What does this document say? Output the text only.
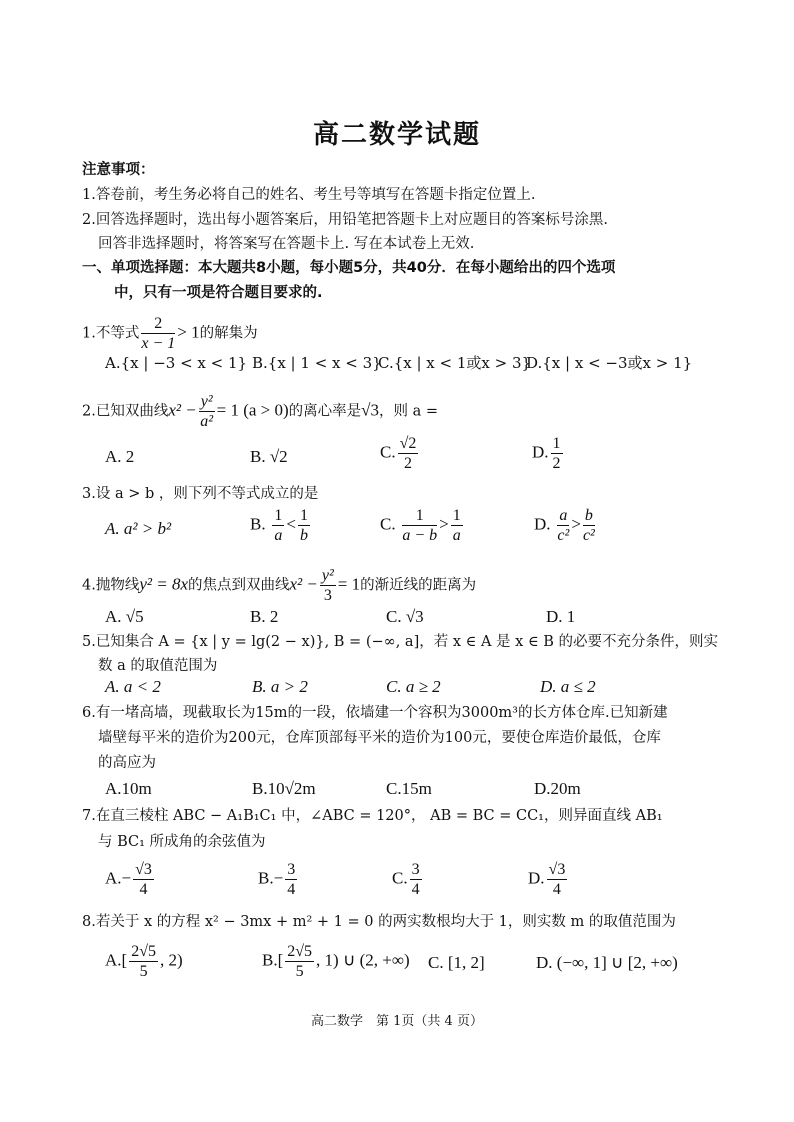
高二数学试题
注意事项：
1.答卷前，考生务必将自己的姓名、考生号等填写在答题卡指定位置上.
2.回答选择题时，选出每小题答案后，用铅笔把答题卡上对应题目的答案标号涂黑.
回答非选择题时，将答案写在答题卡上. 写在本试卷上无效.
一、单项选择题：本大题共8小题，每小题5分，共40分．在每小题给出的四个选项
中，只有一项是符合题目要求的.
1.不等式 $\frac{2}{x - 1} > 1$的解集为
A.{x | −3 < x < 1} B.{x | 1 < x < 3}
C.{x | x < 1或x > 3}
D.{x | x < −3或x > 1}
2.已知双曲线$x^2 - \frac{\text{y²}}{\text{a²}} = 1$ (a > 0)的离心率是√3，则 a =
A. 2	B. √2	C. $\frac{√2}{2}$	D. $\frac{1}{2}$
3.设 a > b ，则下列不等式成立的是
A. a² > b²	B. $\frac{1}{a} < \frac{1}{b}$	C. $\frac{1}{a - b} > \frac{1}{a}$	D. $\frac{a}{\text{c²}} > \frac{b}{\text{c²}}$
4.抛物线y² = 8x的焦点到双曲线$x^2 - \frac{\text{y²}}{3} = 1$的渐近线的距离为
A. √5	B. 2	C. √3	D. 1
5.已知集合 A = {x | y = lg(2 − x)}, B = (−∞, a]，若 x ∈ A 是 x ∈ B 的必要不充分条件，则实
数 a 的取值范围为
A. a < 2	B. a > 2	C. a ≥ 2	D. a ≤ 2
6.有一堵高墙，现截取长为15m的一段，依墙建一个容积为3000m³的长方体仓库.已知新建
墙壁每平米的造价为200元，仓库顶部每平米的造价为100元，要使仓库造价最低，仓库
的高应为
A.10m	B.10√2m	C.15m	D.20m
7.在直三棱柱 ABC − A₁B₁C₁ 中，∠ABC = 120°， AB = BC = CC₁，则异面直线 AB₁
与 BC₁ 所成角的余弦值为
$A.- \frac{√3}{4}$	$B.- \frac{3}{4}$	C. $\frac{3}{4}$	D. $\frac{√3}{4}$
8.若关于 x 的方程 x² − 3mx + m² + 1 = 0 的两实数根均大于 1，则实数 m 的取值范围为
$A.[ \frac{2√5}{5}$ , 2)	$B.[ \frac{2√5}{5}$ , 1) ∪ (2, +∞) C. [1, 2]	D. (−∞, 1] ∪ [2, +∞)
高二数学　第 1页（共 4 页）
